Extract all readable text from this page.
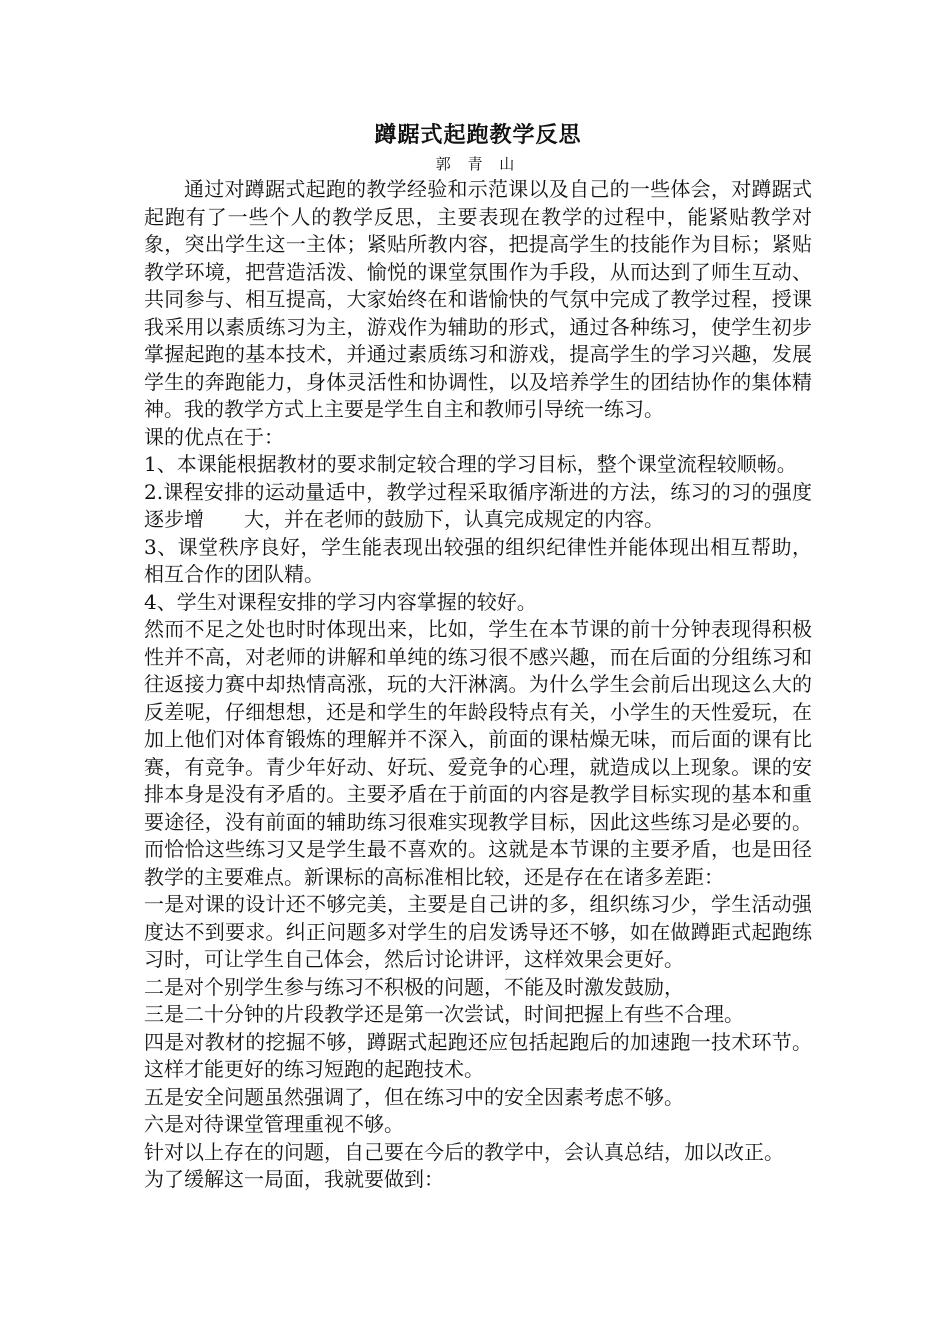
蹲踞式起跑教学反思
郭 青 山

通过对蹲踞式起跑的教学经验和示范课以及自己的一些体会，对蹲踞式起跑有了一些个人的教学反思，主要表现在教学的过程中，能紧贴教学对象，突出学生这一主体；紧贴所教内容，把提高学生的技能作为目标；紧贴教学环境，把营造活泼、愉悦的课堂氛围作为手段，从而达到了师生互动、共同参与、相互提高，大家始终在和谐愉快的气氛中完成了教学过程，授课我采用以素质练习为主，游戏作为辅助的形式，通过各种练习，使学生初步掌握起跑的基本技术，并通过素质练习和游戏，提高学生的学习兴趣，发展学生的奔跑能力，身体灵活性和协调性，以及培养学生的团结协作的集体精神。我的教学方式上主要是学生自主和教师引导统一练习。

课的优点在于：

1、本课能根据教材的要求制定较合理的学习目标，整个课堂流程较顺畅。

2.课程安排的运动量适中，教学过程采取循序渐进的方法，练习的习的强度逐步增　　大，并在老师的鼓励下，认真完成规定的内容。

3、课堂秩序良好，学生能表现出较强的组织纪律性并能体现出相互帮助，相互合作的团队精。

4、学生对课程安排的学习内容掌握的较好。

然而不足之处也时时体现出来，比如，学生在本节课的前十分钟表现得积极性并不高，对老师的讲解和单纯的练习很不感兴趣，而在后面的分组练习和往返接力赛中却热情高涨，玩的大汗淋漓。为什么学生会前后出现这么大的反差呢，仔细想想，还是和学生的年龄段特点有关，小学生的天性爱玩，在加上他们对体育锻炼的理解并不深入，前面的课枯燥无味，而后面的课有比赛，有竞争。青少年好动、好玩、爱竞争的心理，就造成以上现象。课的安排本身是没有矛盾的。主要矛盾在于前面的内容是教学目标实现的基本和重要途径，没有前面的辅助练习很难实现教学目标，因此这些练习是必要的。而恰恰这些练习又是学生最不喜欢的。这就是本节课的主要矛盾，也是田径教学的主要难点。新课标的高标准相比较，还是存在在诸多差距：

一是对课的设计还不够完美，主要是自己讲的多，组织练习少，学生活动强度达不到要求。纠正问题多对学生的启发诱导还不够，如在做蹲距式起跑练习时，可让学生自己体会，然后讨论讲评，这样效果会更好。

二是对个别学生参与练习不积极的问题，不能及时激发鼓励，

三是二十分钟的片段教学还是第一次尝试，时间把握上有些不合理。

四是对教材的挖掘不够，蹲踞式起跑还应包括起跑后的加速跑一技术环节。这样才能更好的练习短跑的起跑技术。

五是安全问题虽然强调了，但在练习中的安全因素考虑不够。

六是对待课堂管理重视不够。

针对以上存在的问题，自己要在今后的教学中，会认真总结，加以改正。

为了缓解这一局面，我就要做到：
